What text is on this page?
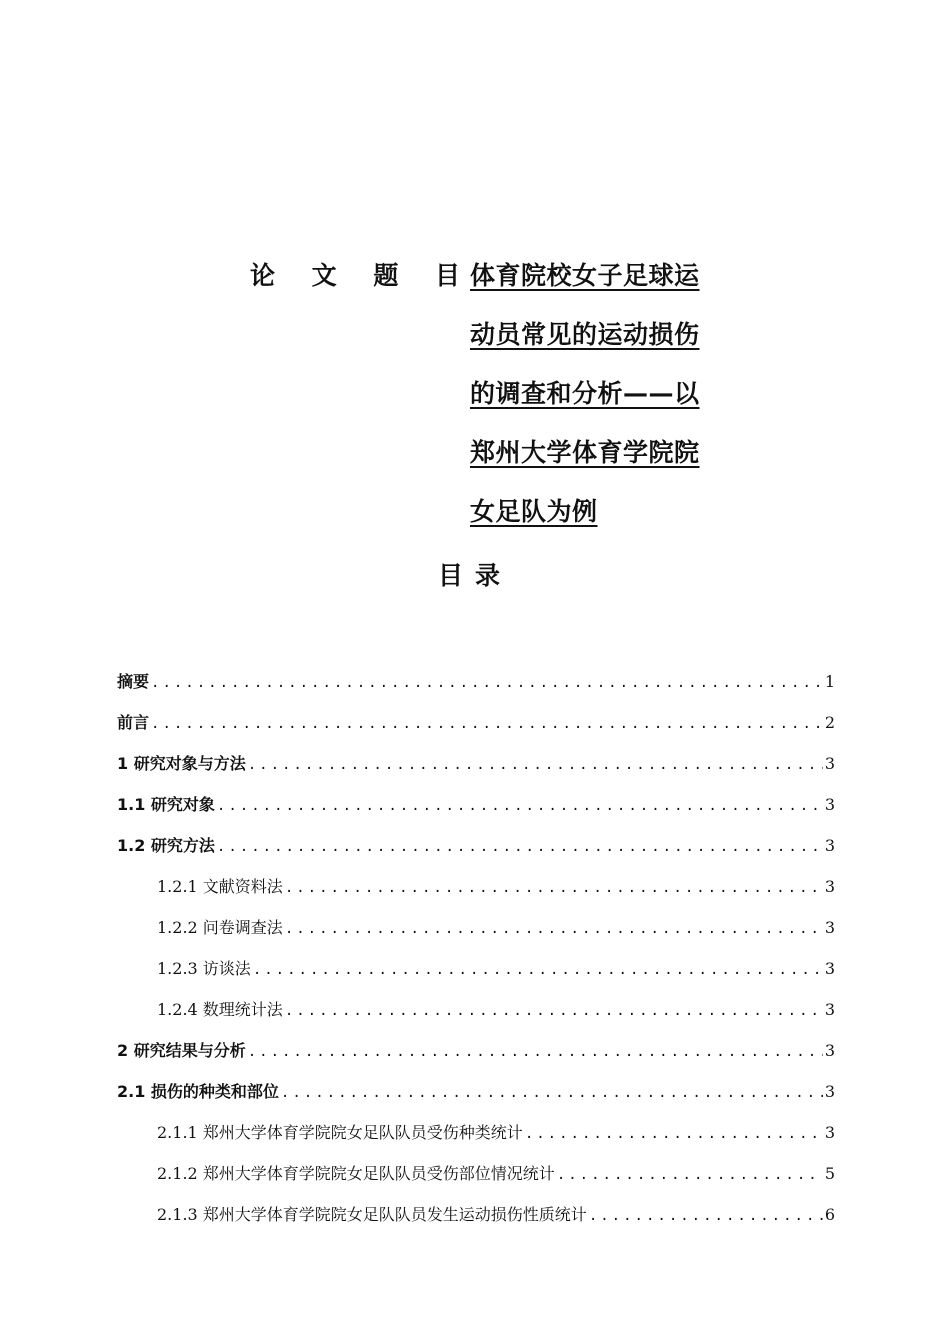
论 文 题 目 体育院校女子足球运
动员常见的运动损伤
的调查和分析——以
郑州大学体育学院院
女足队为例
目录
摘要 .....	1
前言 .....	2
1 研究对象与方法 .....	3
1.1 研究对象 .....	3
1.2 研究方法 .....	3
1.2.1 文献资料法 .....	3
1.2.2 问卷调查法 .....	3
1.2.3 访谈法 .....	3
1.2.4 数理统计法 .....	3
2 研究结果与分析 .....	3
2.1 损伤的种类和部位 .....	3
2.1.1 郑州大学体育学院院女足队队员受伤种类统计 .....	3
2.1.2 郑州大学体育学院院女足队队员受伤部位情况统计 .....	5
2.1.3 郑州大学体育学院院女足队队员发生运动损伤性质统计 .....	6
